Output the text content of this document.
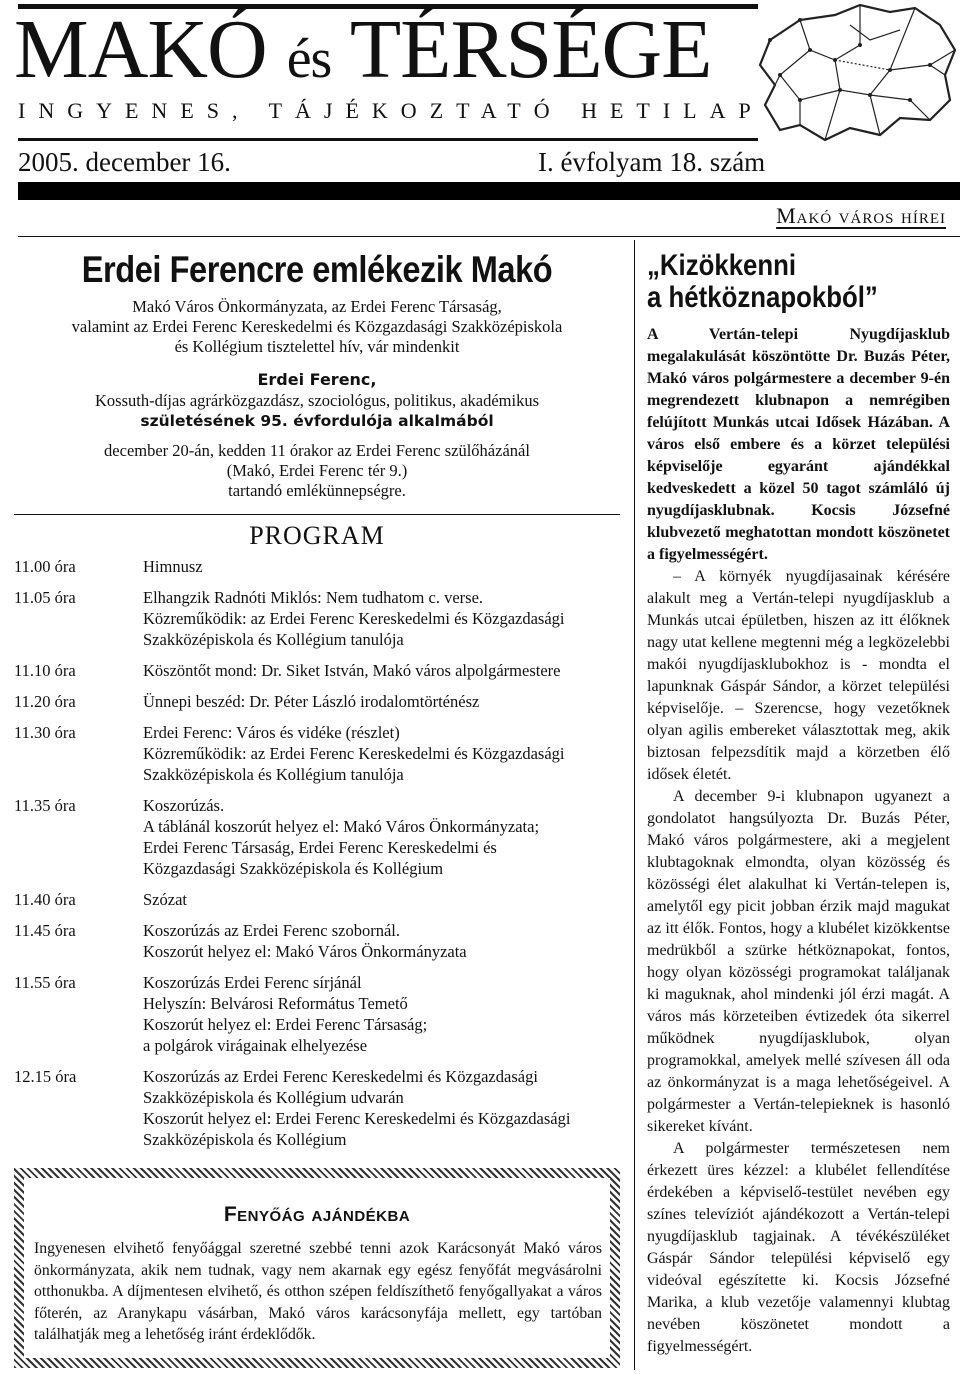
MAKÓ és TÉRSÉGE
INGYENES, TÁJÉKOZTATÓ HETILAP
2005. december 16.	I. évfolyam 18. szám
Makó város hírei
Erdei Ferencre emlékezik Makó

Makó Város Önkormányzata, az Erdei Ferenc Társaság,

valamint az Erdei Ferenc Kereskedelmi és Közgazdasági Szakközépiskola

és Kollégium tisztelettel hív, vár mindenkit

Erdei Ferenc,
Kossuth-díjas agrárközgazdász, szociológus, politikus, akadémikus
születésének 95. évfordulója alkalmából

december 20-án, kedden 11 órakor az Erdei Ferenc szülőházánál

(Makó, Erdei Ferenc tér 9.)

tartandó emlékünnepségre.

PROGRAM
11.00 óra	Himnusz
11.05 óra	Elhangzik Radnóti Miklós: Nem tudhatom c. verse.
Közreműködik: az Erdei Ferenc Kereskedelmi és Közgazdasági
Szakközépiskola és Kollégium tanulója
11.10 óra	Köszöntőt mond: Dr. Siket István, Makó város alpolgármestere
11.20 óra	Ünnepi beszéd: Dr. Péter László irodalomtörténész
11.30 óra	Erdei Ferenc: Város és vidéke (részlet)
Közreműködik: az Erdei Ferenc Kereskedelmi és Közgazdasági
Szakközépiskola és Kollégium tanulója
11.35 óra	Koszorúzás.
A táblánál koszorút helyez el: Makó Város Önkormányzata;
Erdei Ferenc Társaság, Erdei Ferenc Kereskedelmi és
Közgazdasági Szakközépiskola és Kollégium
11.40 óra	Szózat
11.45 óra	Koszorúzás az Erdei Ferenc szobornál.
Koszorút helyez el: Makó Város Önkormányzata
11.55 óra	Koszorúzás Erdei Ferenc sírjánál
Helyszín: Belvárosi Református Temető
Koszorút helyez el: Erdei Ferenc Társaság;
a polgárok virágainak elhelyezése
12.15 óra	Koszorúzás az Erdei Ferenc Kereskedelmi és Közgazdasági
Szakközépiskola és Kollégium udvarán
Koszorút helyez el: Erdei Ferenc Kereskedelmi és Közgazdasági
Szakközépiskola és Kollégium
Fenyőág ajándékba
Ingyenesen elvihető fenyőággal szeretné szebbé tenni azok Karácsonyát Makó város önkormányzata, akik nem tudnak, vagy nem akarnak egy egész fenyőfát megvásárolni otthonukba. A díjmentesen elvihető, és otthon szépen feldíszíthető fenyőgallyakat a város főterén, az Aranykapu vásárban, Makó város karácsonyfája mellett, egy tartóban találhatják meg a lehetőség iránt érdeklődők.
„Kizökkenni
a hétköznapokból”
A Vertán-telepi Nyugdíjasklub megalakulását köszöntötte Dr. Buzás Péter, Makó város polgármestere a december 9-én megrendezett klubnapon a nemrégiben felújított Munkás utcai Idősek Házában. A város első embere és a körzet települési képviselője egyaránt ajándékkal kedveskedett a közel 50 tagot számláló új nyugdíjasklubnak. Kocsis Józsefné klubvezető meghatottan mondott köszönetet a figyelmességért.

– A környék nyugdíjasainak kérésére alakult meg a Vertán-telepi nyugdíjasklub a Munkás utcai épületben, hiszen az itt élőknek nagy utat kellene megtenni még a legközelebbi makói nyugdíjasklubokhoz is - mondta el lapunknak Gáspár Sándor, a körzet települési képviselője. – Szerencse, hogy vezetőknek olyan agilis embereket választottak meg, akik biztosan felpezsdítik majd a körzetben élő idősek életét.

A december 9-i klubnapon ugyanezt a gondolatot hangsúlyozta Dr. Buzás Péter, Makó város polgármestere, aki a megjelent klubtagoknak elmondta, olyan közösség és közösségi élet alakulhat ki Vertán-telepen is, amelytől egy picit jobban érzik majd magukat az itt élők. Fontos, hogy a klubélet kizökkentse medrükből a szürke hétköznapokat, fontos, hogy olyan közösségi programokat találjanak ki maguknak, ahol mindenki jól érzi magát. A város más körzeteiben évtizedek óta sikerrel működnek nyugdíjasklubok, olyan programokkal, amelyek mellé szívesen áll oda az önkormányzat is a maga lehetőségeivel. A polgármester a Vertán-telepieknek is hasonló sikereket kívánt.

A polgármester természetesen nem érkezett üres kézzel: a klubélet fellendítése érdekében a képviselő-testület nevében egy színes televíziót ajándékozott a Vertán-telepi nyugdíjasklub tagjainak. A tévékészüléket Gáspár Sándor települési képviselő egy videóval egészítette ki. Kocsis Józsefné Marika, a klub vezetője valamennyi klubtag nevében köszönetet mondott a figyelmességért.
